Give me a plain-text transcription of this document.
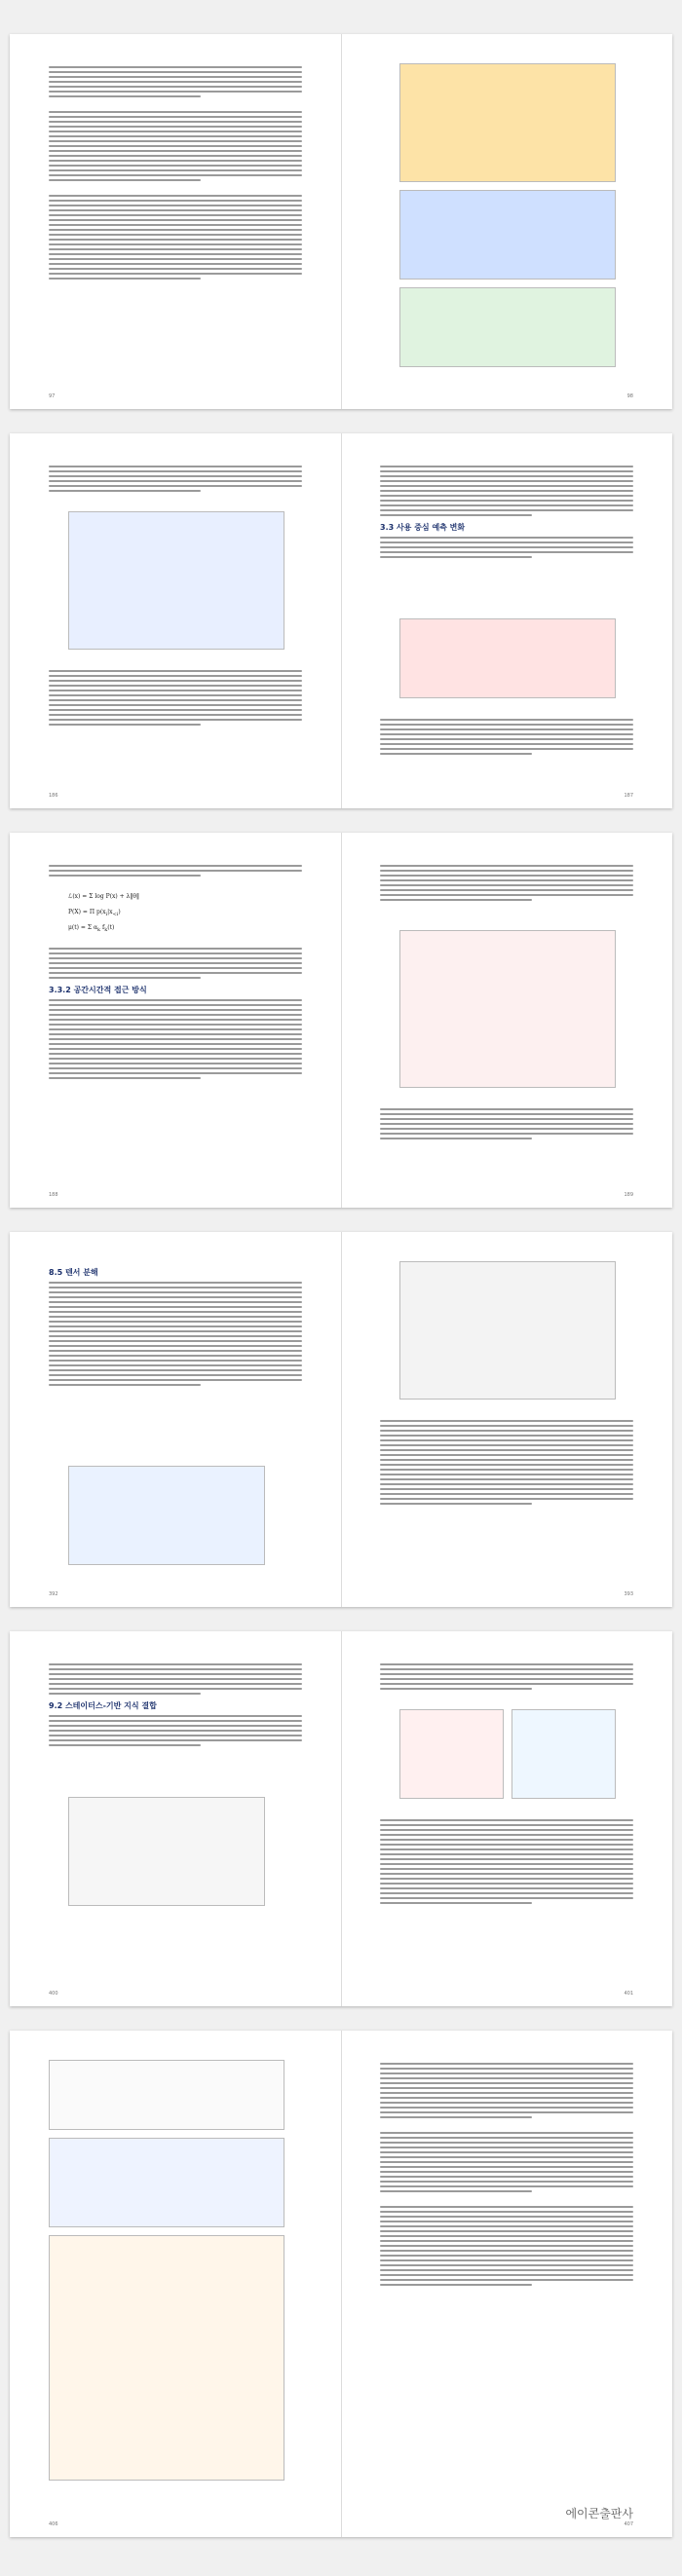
97	98
186
3.3 사용 중심 예측 변화
187
ℒ(x) = Σ log P(x) + λ‖θ‖
P(X) = Π $p(x_i|x_{<i})$
μ(t) = Σ $\alpha_k$ $f_k(t)$
3.3.2 공간시간적 접근 방식
188	189
8.5 텐서 분해
392	393
9.2 스테이터스-기반 지식 결합
400	401
406	407
에이콘출판사
